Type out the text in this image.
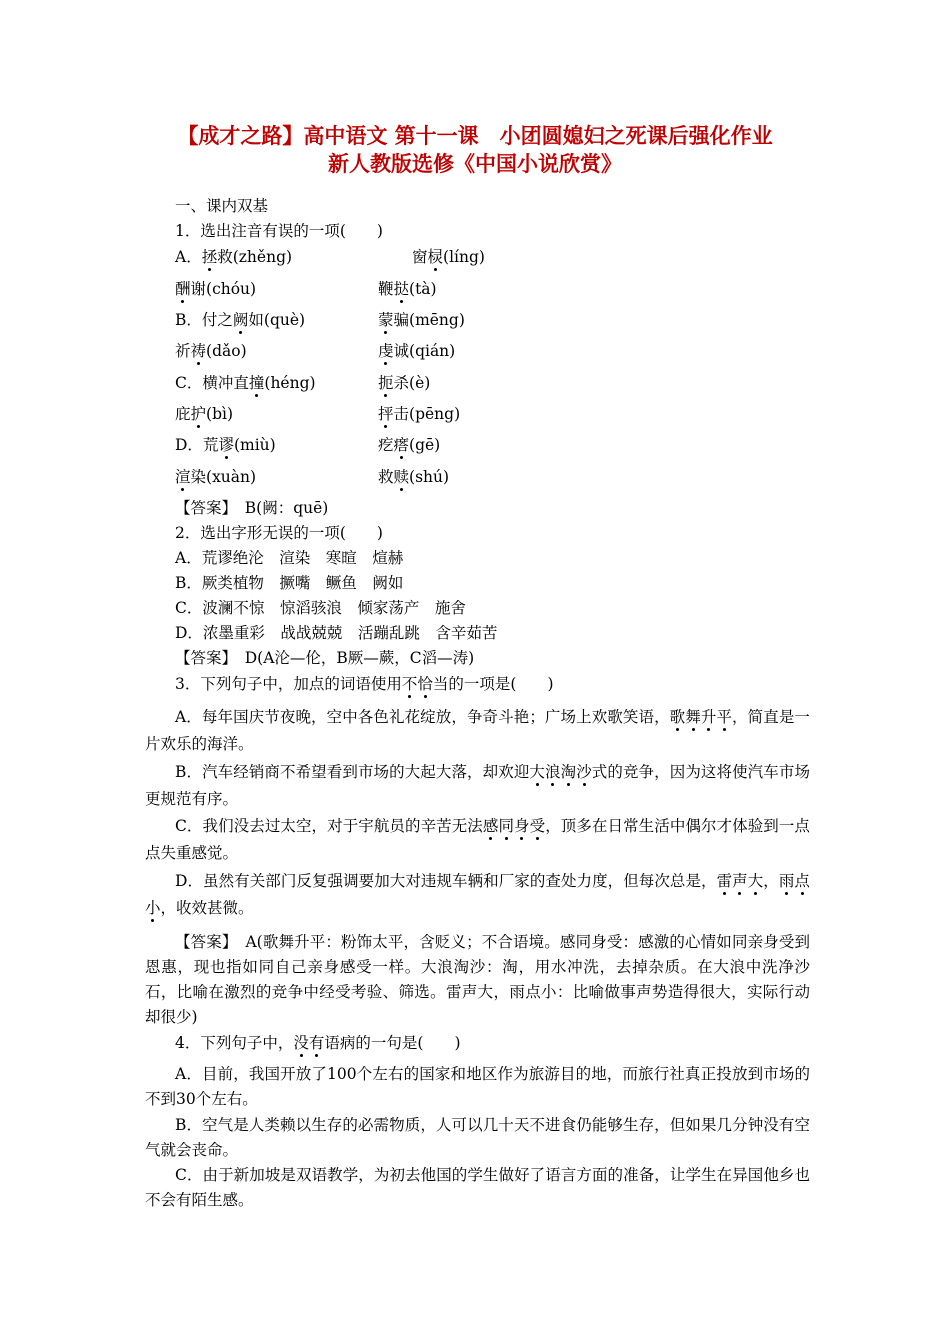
【成才之路】高中语文 第十一课　小团圆媳妇之死课后强化作业
新人教版选修《中国小说欣赏》
一、课内双基
1．选出注音有误的一项(　　)
A．拯救(zhěng)	窗棂(líng)
酬谢(chóu)	鞭挞(tà)
B．付之阙如(què)	蒙骗(mēng)
祈祷(dǎo)	虔诚(qián)
C．横冲直撞(héng)	扼杀(è)
庇护(bì)	抨击(pēng)
D．荒谬(miù)	疙瘩(gē)
渲染(xuàn)	救赎(shú)
【答案】　B(阙：quē)
2．选出字形无误的一项(　　)
A．荒谬绝沦　渲染　寒暄　煊赫
B．厥类植物　撅嘴　鳜鱼　阙如
C．波澜不惊　惊滔骇浪　倾家荡产　施舍
D．浓墨重彩　战战兢兢　活蹦乱跳　含辛茹苦
【答案】　D(A沦—伦，B厥—蕨，C滔—涛)
3．下列句子中，加点的词语使用不恰当的一项是(　　)
A．每年国庆节夜晚，空中各色礼花绽放，争奇斗艳；广场上欢歌笑语，歌舞升平，简直是一片欢乐的海洋。
B．汽车经销商不希望看到市场的大起大落，却欢迎大浪淘沙式的竞争，因为这将使汽车市场更规范有序。
C．我们没去过太空，对于宇航员的辛苦无法感同身受，顶多在日常生活中偶尔才体验到一点点失重感觉。
D．虽然有关部门反复强调要加大对违规车辆和厂家的查处力度，但每次总是，雷声大，雨点小，收效甚微。
【答案】　A(歌舞升平：粉饰太平，含贬义；不合语境。感同身受：感激的心情如同亲身受到恩惠，现也指如同自己亲身感受一样。大浪淘沙：淘，用水冲洗，去掉杂质。在大浪中洗净沙石，比喻在激烈的竞争中经受考验、筛选。雷声大，雨点小：比喻做事声势造得很大，实际行动却很少)
4．下列句子中，没有语病的一句是(　　)
A．目前，我国开放了100个左右的国家和地区作为旅游目的地，而旅行社真正投放到市场的不到30个左右。
B．空气是人类赖以生存的必需物质，人可以几十天不进食仍能够生存，但如果几分钟没有空气就会丧命。
C．由于新加坡是双语教学，为初去他国的学生做好了语言方面的准备，让学生在异国他乡也不会有陌生感。
